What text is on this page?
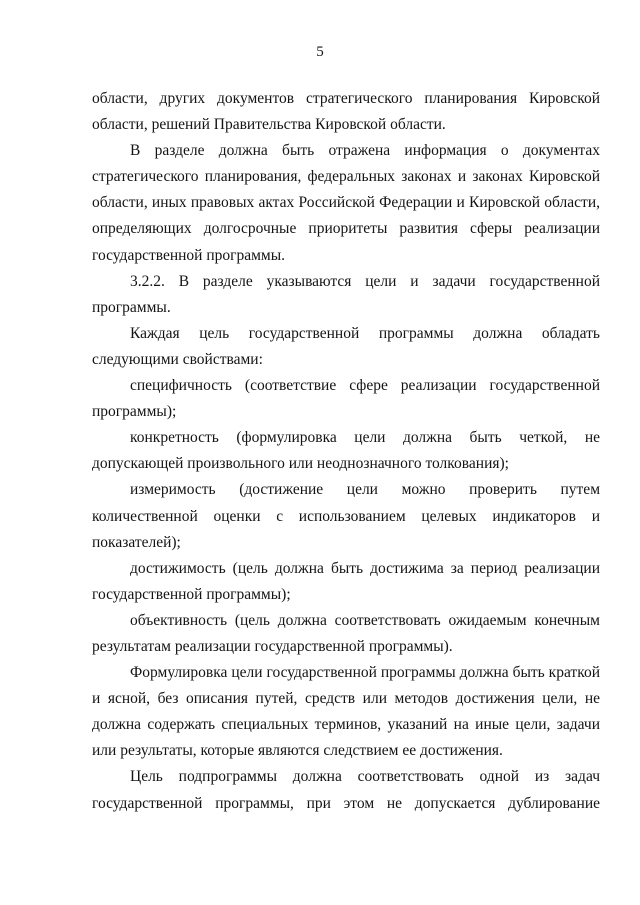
5
области, других документов стратегического планирования Кировской
области, решений Правительства Кировской области.
В разделе должна быть отражена информация о документах
стратегического планирования, федеральных законах и законах Кировской
области, иных правовых актах Российской Федерации и Кировской области,
определяющих долгосрочные приоритеты развития сферы реализации
государственной программы.
3.2.2. В разделе указываются цели и задачи государственной
программы.
Каждая цель государственной программы должна обладать
следующими свойствами:
специфичность (соответствие сфере реализации государственной
программы);
конкретность (формулировка цели должна быть четкой, не
допускающей произвольного или неоднозначного толкования);
измеримость (достижение цели можно проверить путем
количественной оценки с использованием целевых индикаторов и
показателей);
достижимость (цель должна быть достижима за период реализации
государственной программы);
объективность (цель должна соответствовать ожидаемым конечным
результатам реализации государственной программы).
Формулировка цели государственной программы должна быть краткой
и ясной, без описания путей, средств или методов достижения цели, не
должна содержать специальных терминов, указаний на иные цели, задачи
или результаты, которые являются следствием ее достижения.
Цель подпрограммы должна соответствовать одной из задач
государственной программы, при этом не допускается дублирование
